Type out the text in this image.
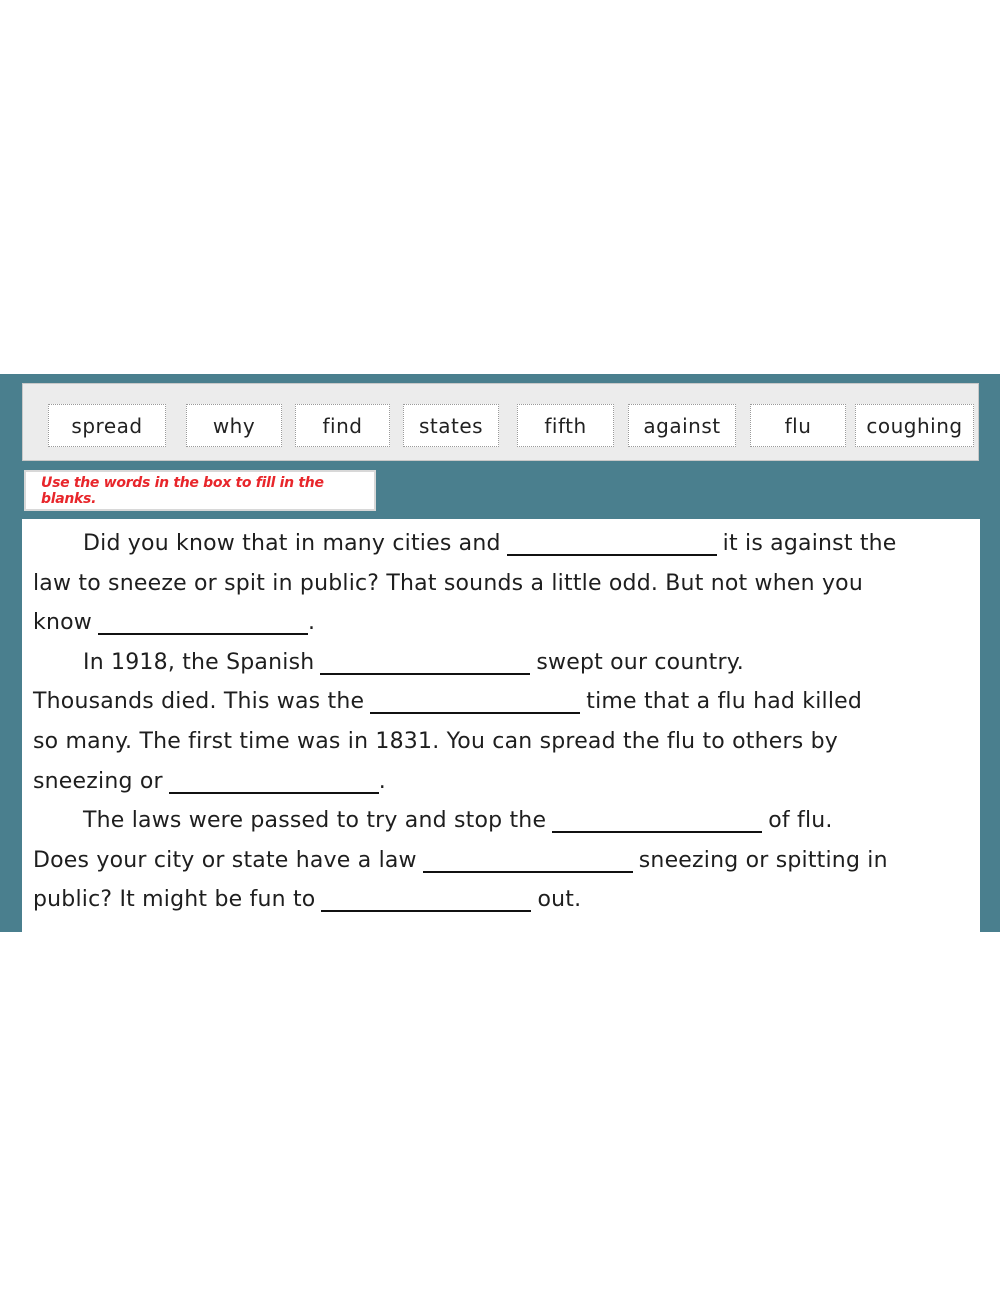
spread	why	find	states	fifth	against	flu	coughing
Use the words in the box to fill in the blanks.
Did you know that in many cities and	it is against the
law to sneeze or spit in public? That sounds a little odd. But not when you
know	.
In 1918, the Spanish	swept our country.
Thousands died. This was the	time that a flu had killed
so many. The first time was in 1831. You can spread the flu to others by
sneezing or	.
The laws were passed to try and stop the	of flu.
Does your city or state have a law	sneezing or spitting in
public? It might be fun to	out.
